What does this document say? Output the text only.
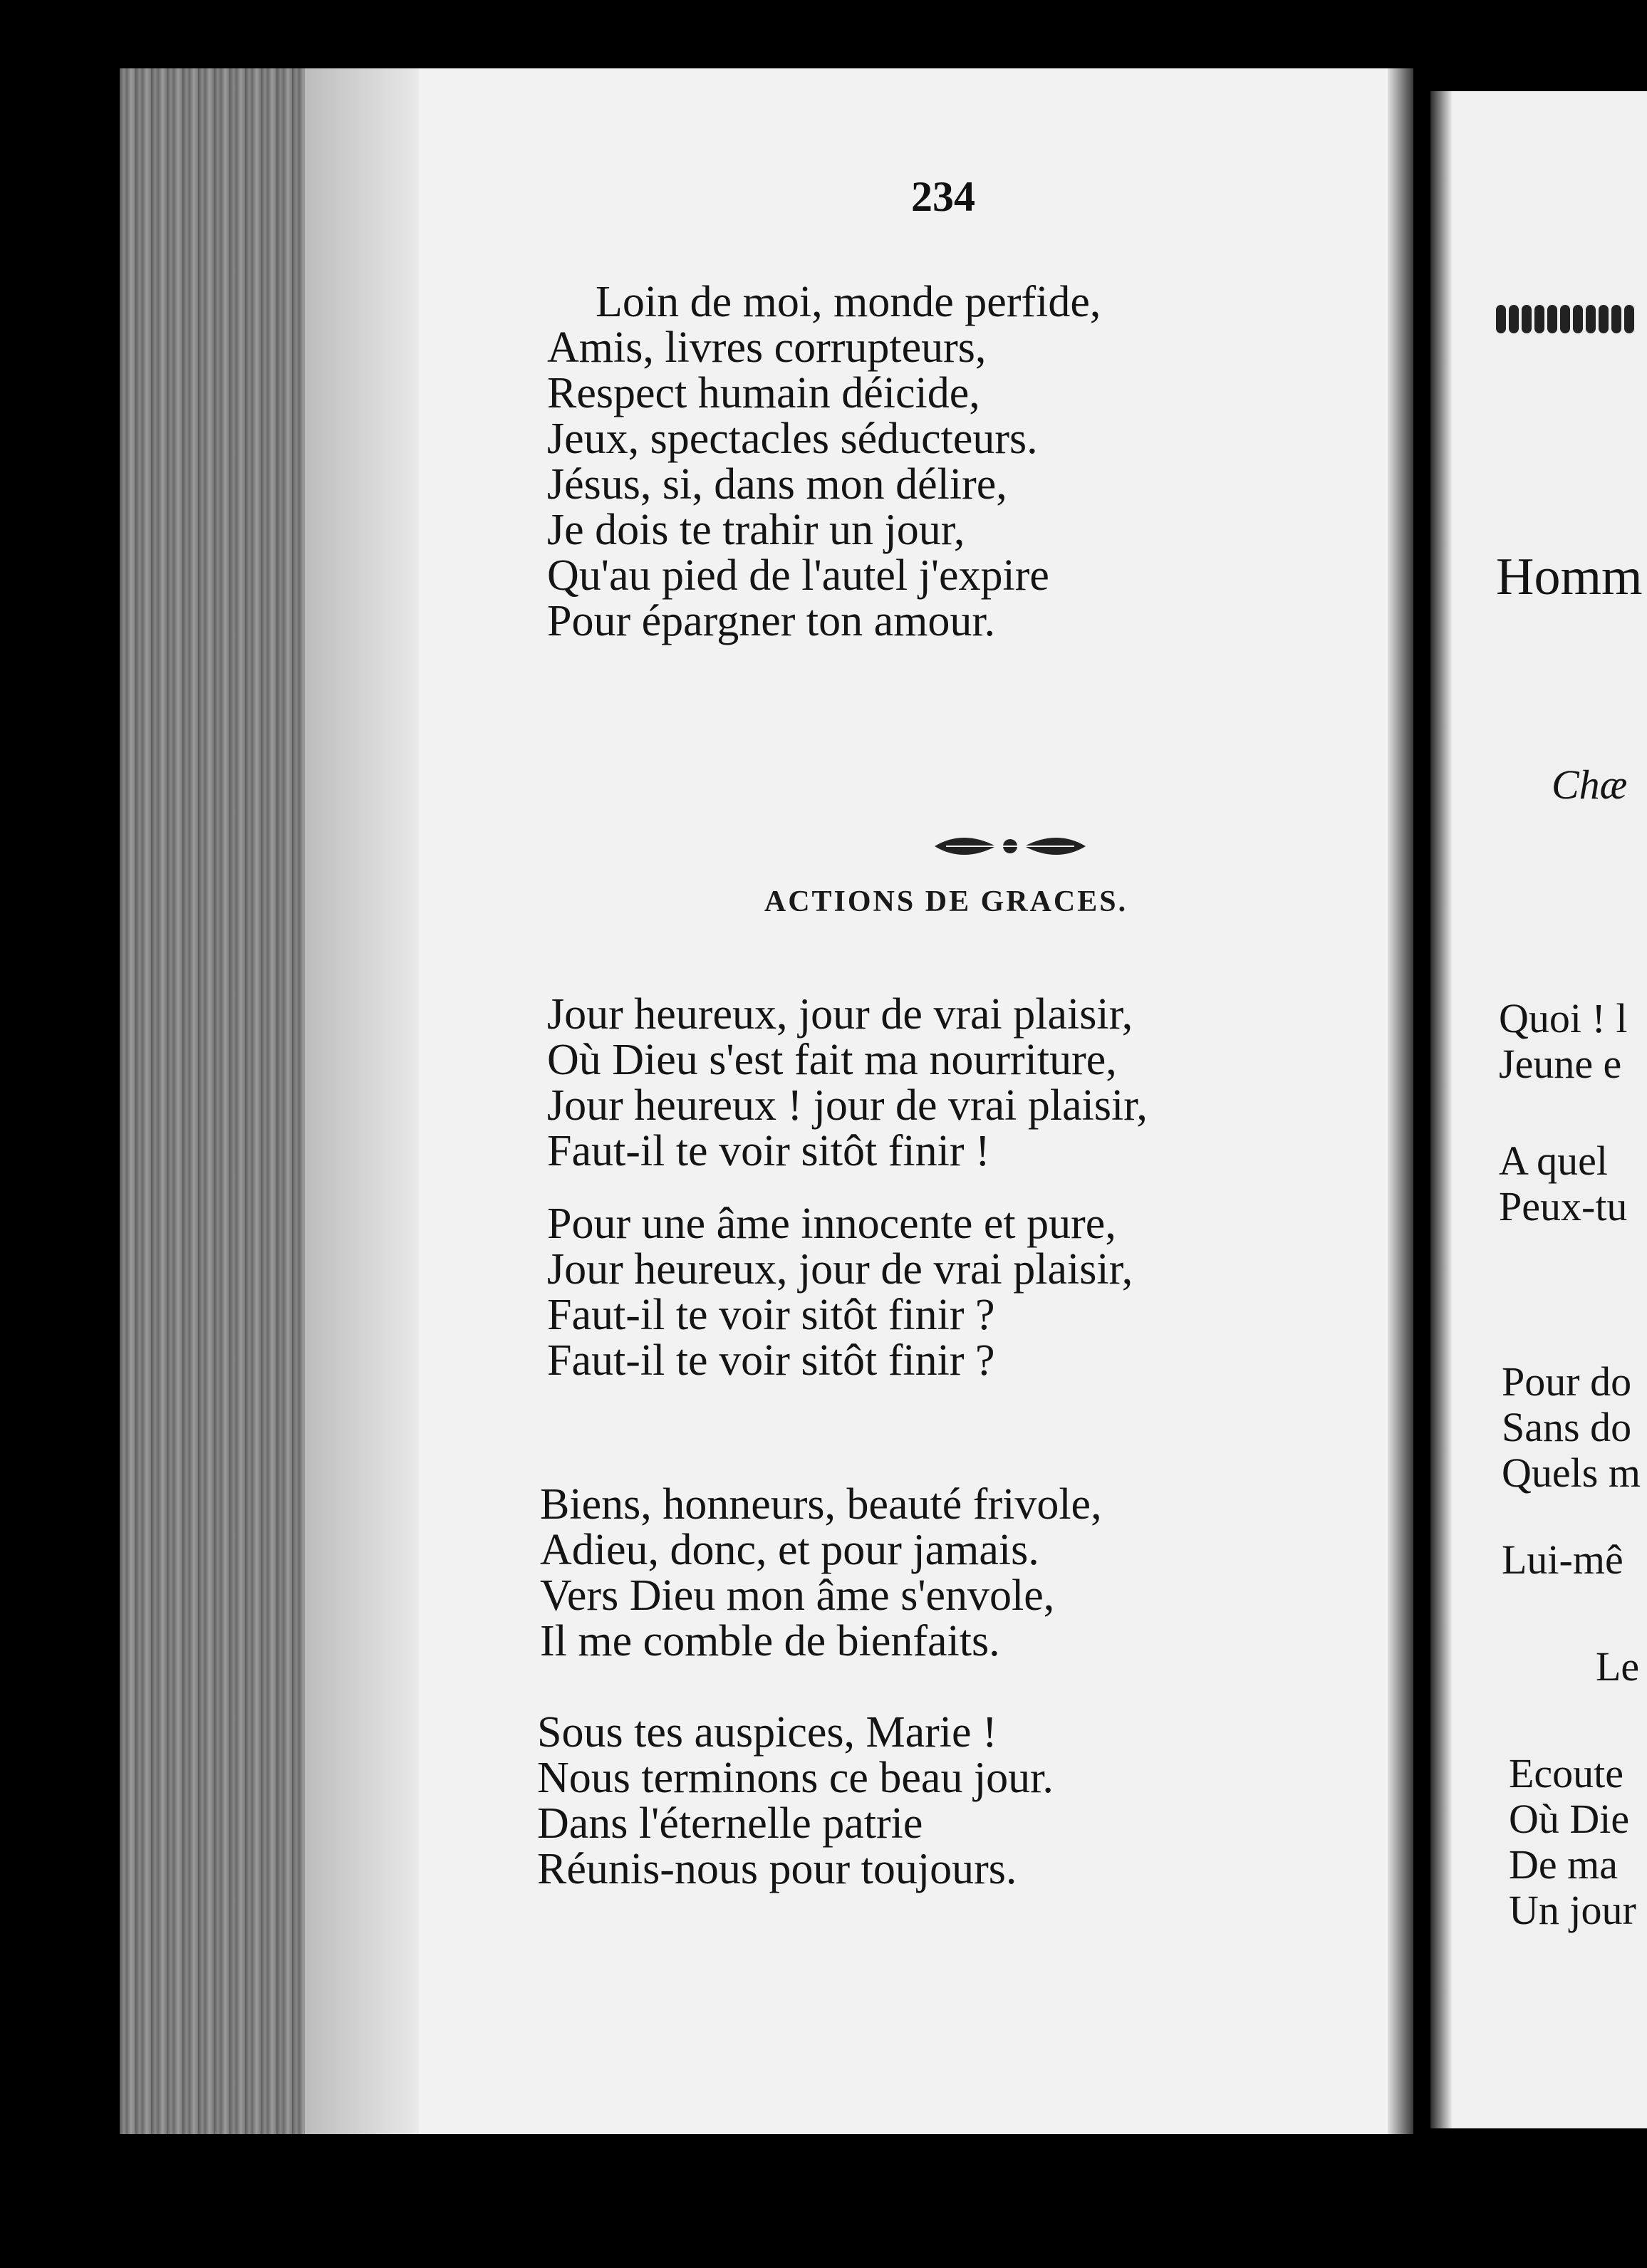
234
Loin de moi, monde perfide,
Amis, livres corrupteurs,
Respect humain déicide,
Jeux, spectacles séducteurs.
Jésus, si, dans mon délire,
Je dois te trahir un jour,
Qu'au pied de l'autel j'expire
Pour épargner ton amour.
ACTIONS DE GRACES.
Jour heureux, jour de vrai plaisir,
Où Dieu s'est fait ma nourriture,
Jour heureux ! jour de vrai plaisir,
Faut-il te voir sitôt finir !
Pour une âme innocente et pure,
Jour heureux, jour de vrai plaisir,
Faut-il te voir sitôt finir ?
Faut-il te voir sitôt finir ?
Biens, honneurs, beauté frivole,
Adieu, donc, et pour jamais.
Vers Dieu mon âme s'envole,
Il me comble de bienfaits.
Sous tes auspices, Marie !
Nous terminons ce beau jour.
Dans l'éternelle patrie
Réunis-nous pour toujours.
Homm
Chæ
Quoi ! l
Jeune e
A quel
Peux-tu
Pour do
Sans do
Quels m
Lui-mê
Le
Ecoute
Où Die
De ma
Un jour
